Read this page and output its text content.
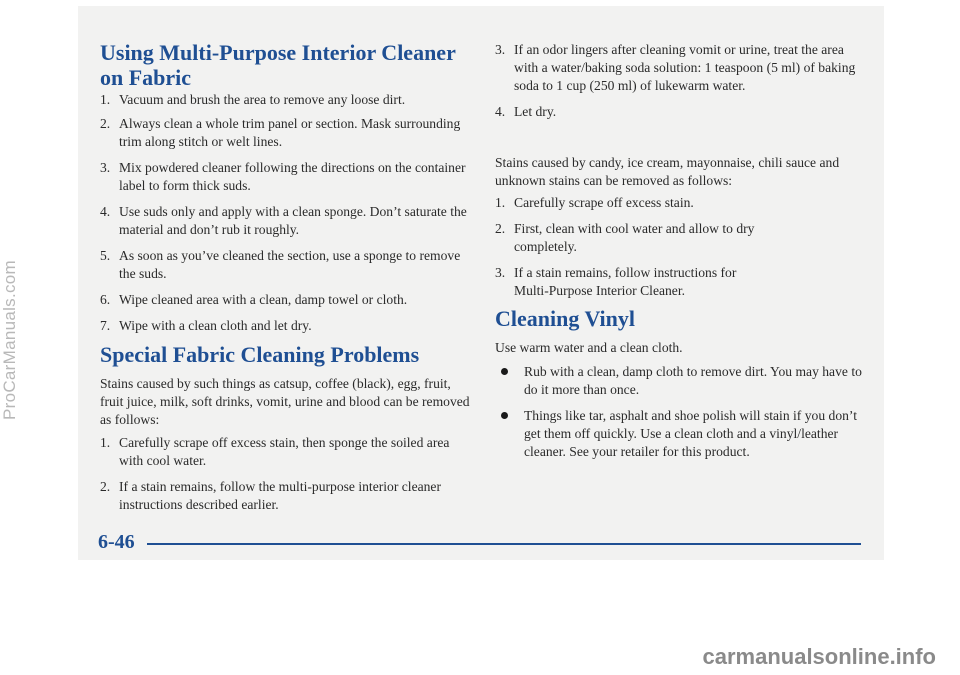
Using Multi-Purpose Interior Cleaner
on Fabric
1. Vacuum and brush the area to remove any loose dirt.
2. Always clean a whole trim panel or section. Mask surrounding trim along stitch or welt lines.
3. Mix powdered cleaner following the directions on the container label to form thick suds.
4. Use suds only and apply with a clean sponge. Don’t saturate the material and don’t rub it roughly.
5. As soon as you’ve cleaned the section, use a sponge to remove the suds.
6. Wipe cleaned area with a clean, damp towel or cloth.
7. Wipe with a clean cloth and let dry.
Special Fabric Cleaning Problems

Stains caused by such things as catsup, coffee (black), egg, fruit, fruit juice, milk, soft drinks, vomit, urine and blood can be removed as follows:

1. Carefully scrape off excess stain, then sponge the soiled area with cool water.
2. If a stain remains, follow the multi-purpose interior cleaner instructions described earlier.
3. If an odor lingers after cleaning vomit or urine, treat the area with a water/baking soda solution: 1 teaspoon (5 ml) of baking soda to 1 cup (250 ml) of lukewarm water.
4. Let dry.

Stains caused by candy, ice cream, mayonnaise, chili sauce and unknown stains can be removed as follows:

1. Carefully scrape off excess stain.
2. First, clean with cool water and allow to dry completely.
3. If a stain remains, follow instructions for Multi-Purpose Interior Cleaner.
Cleaning Vinyl

Use warm water and a clean cloth.

Rub with a clean, damp cloth to remove dirt. You may have to do it more than once.
Things like tar, asphalt and shoe polish will stain if you don’t get them off quickly. Use a clean cloth and a vinyl/leather cleaner. See your retailer for this product.
6-46
ProCarManuals.com
carmanualsonline.info
